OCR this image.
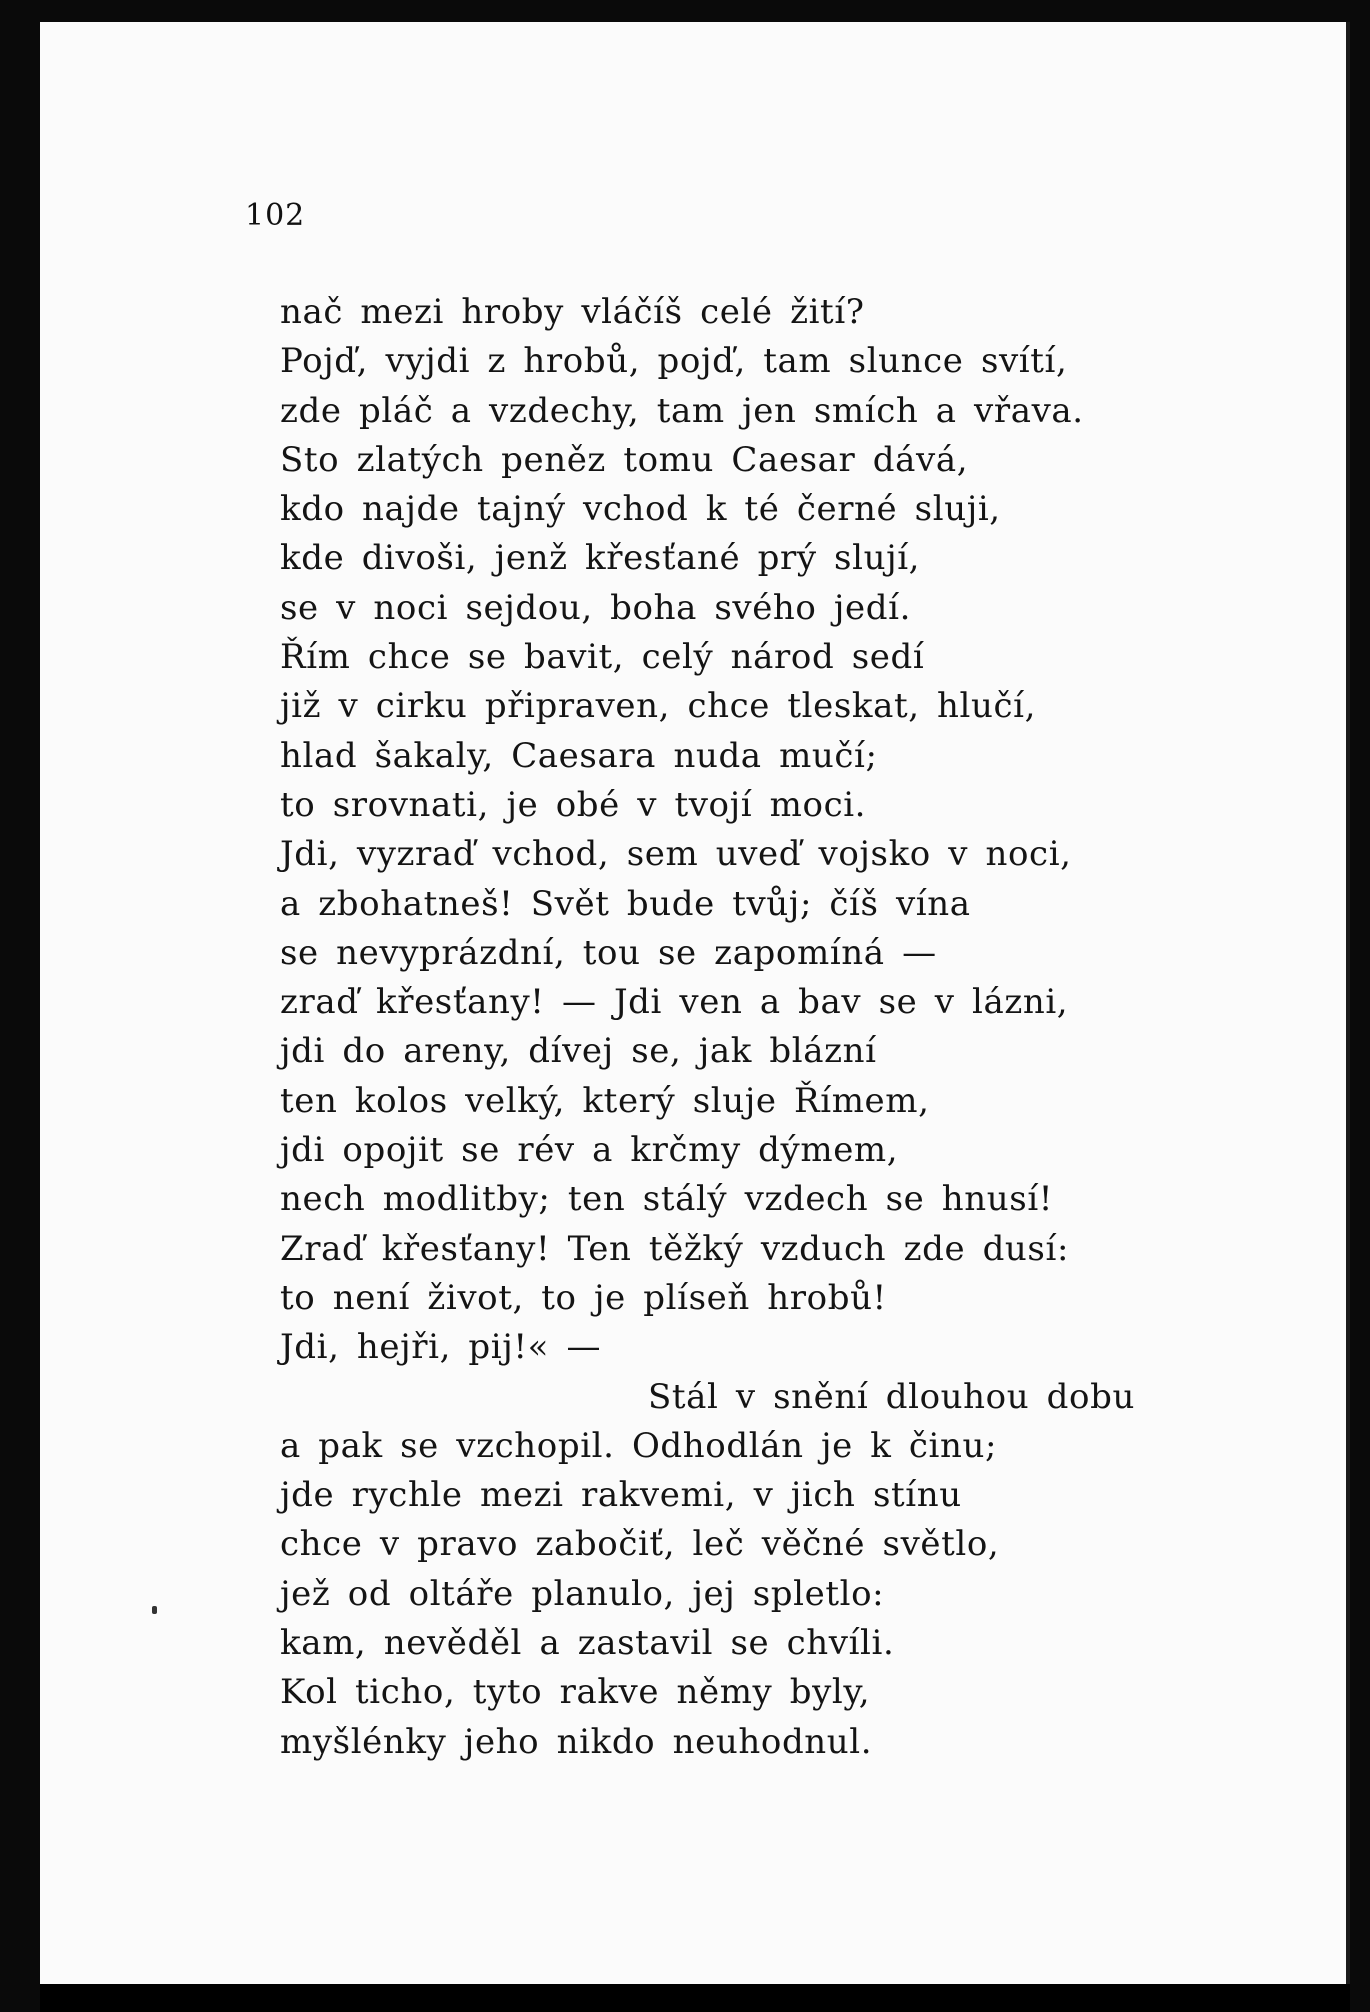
102
nač mezi hroby vláčíš celé žití?
Pojď, vyjdi z hrobů, pojď, tam slunce svítí,
zde pláč a vzdechy, tam jen smích a vřava.
Sto zlatých peněz tomu Caesar dává,
kdo najde tajný vchod k té černé sluji,
kde divoši, jenž křesťané prý slují,
se v noci sejdou, boha svého jedí.
Řím chce se bavit, celý národ sedí
již v cirku připraven, chce tleskat, hlučí,
hlad šakaly, Caesara nuda mučí;
to srovnati, je obé v tvojí moci.
Jdi, vyzraď vchod, sem uveď vojsko v noci,
a zbohatneš! Svět bude tvůj; číš vína
se nevyprázdní, tou se zapomíná —
zraď křesťany! — Jdi ven a bav se v lázni,
jdi do areny, dívej se, jak blázní
ten kolos velký, který sluje Římem,
jdi opojit se rév a krčmy dýmem,
nech modlitby; ten stálý vzdech se hnusí!
Zraď křesťany! Ten těžký vzduch zde dusí:
to není život, to je plíseň hrobů!
Jdi, hejři, pij!« —
Stál v snění dlouhou dobu
a pak se vzchopil. Odhodlán je k činu;
jde rychle mezi rakvemi, v jich stínu
chce v pravo zabočiť, leč věčné světlo,
jež od oltáře planulo, jej spletlo:
kam, nevěděl a zastavil se chvíli.
Kol ticho, tyto rakve němy byly,
myšlénky jeho nikdo neuhodnul.
